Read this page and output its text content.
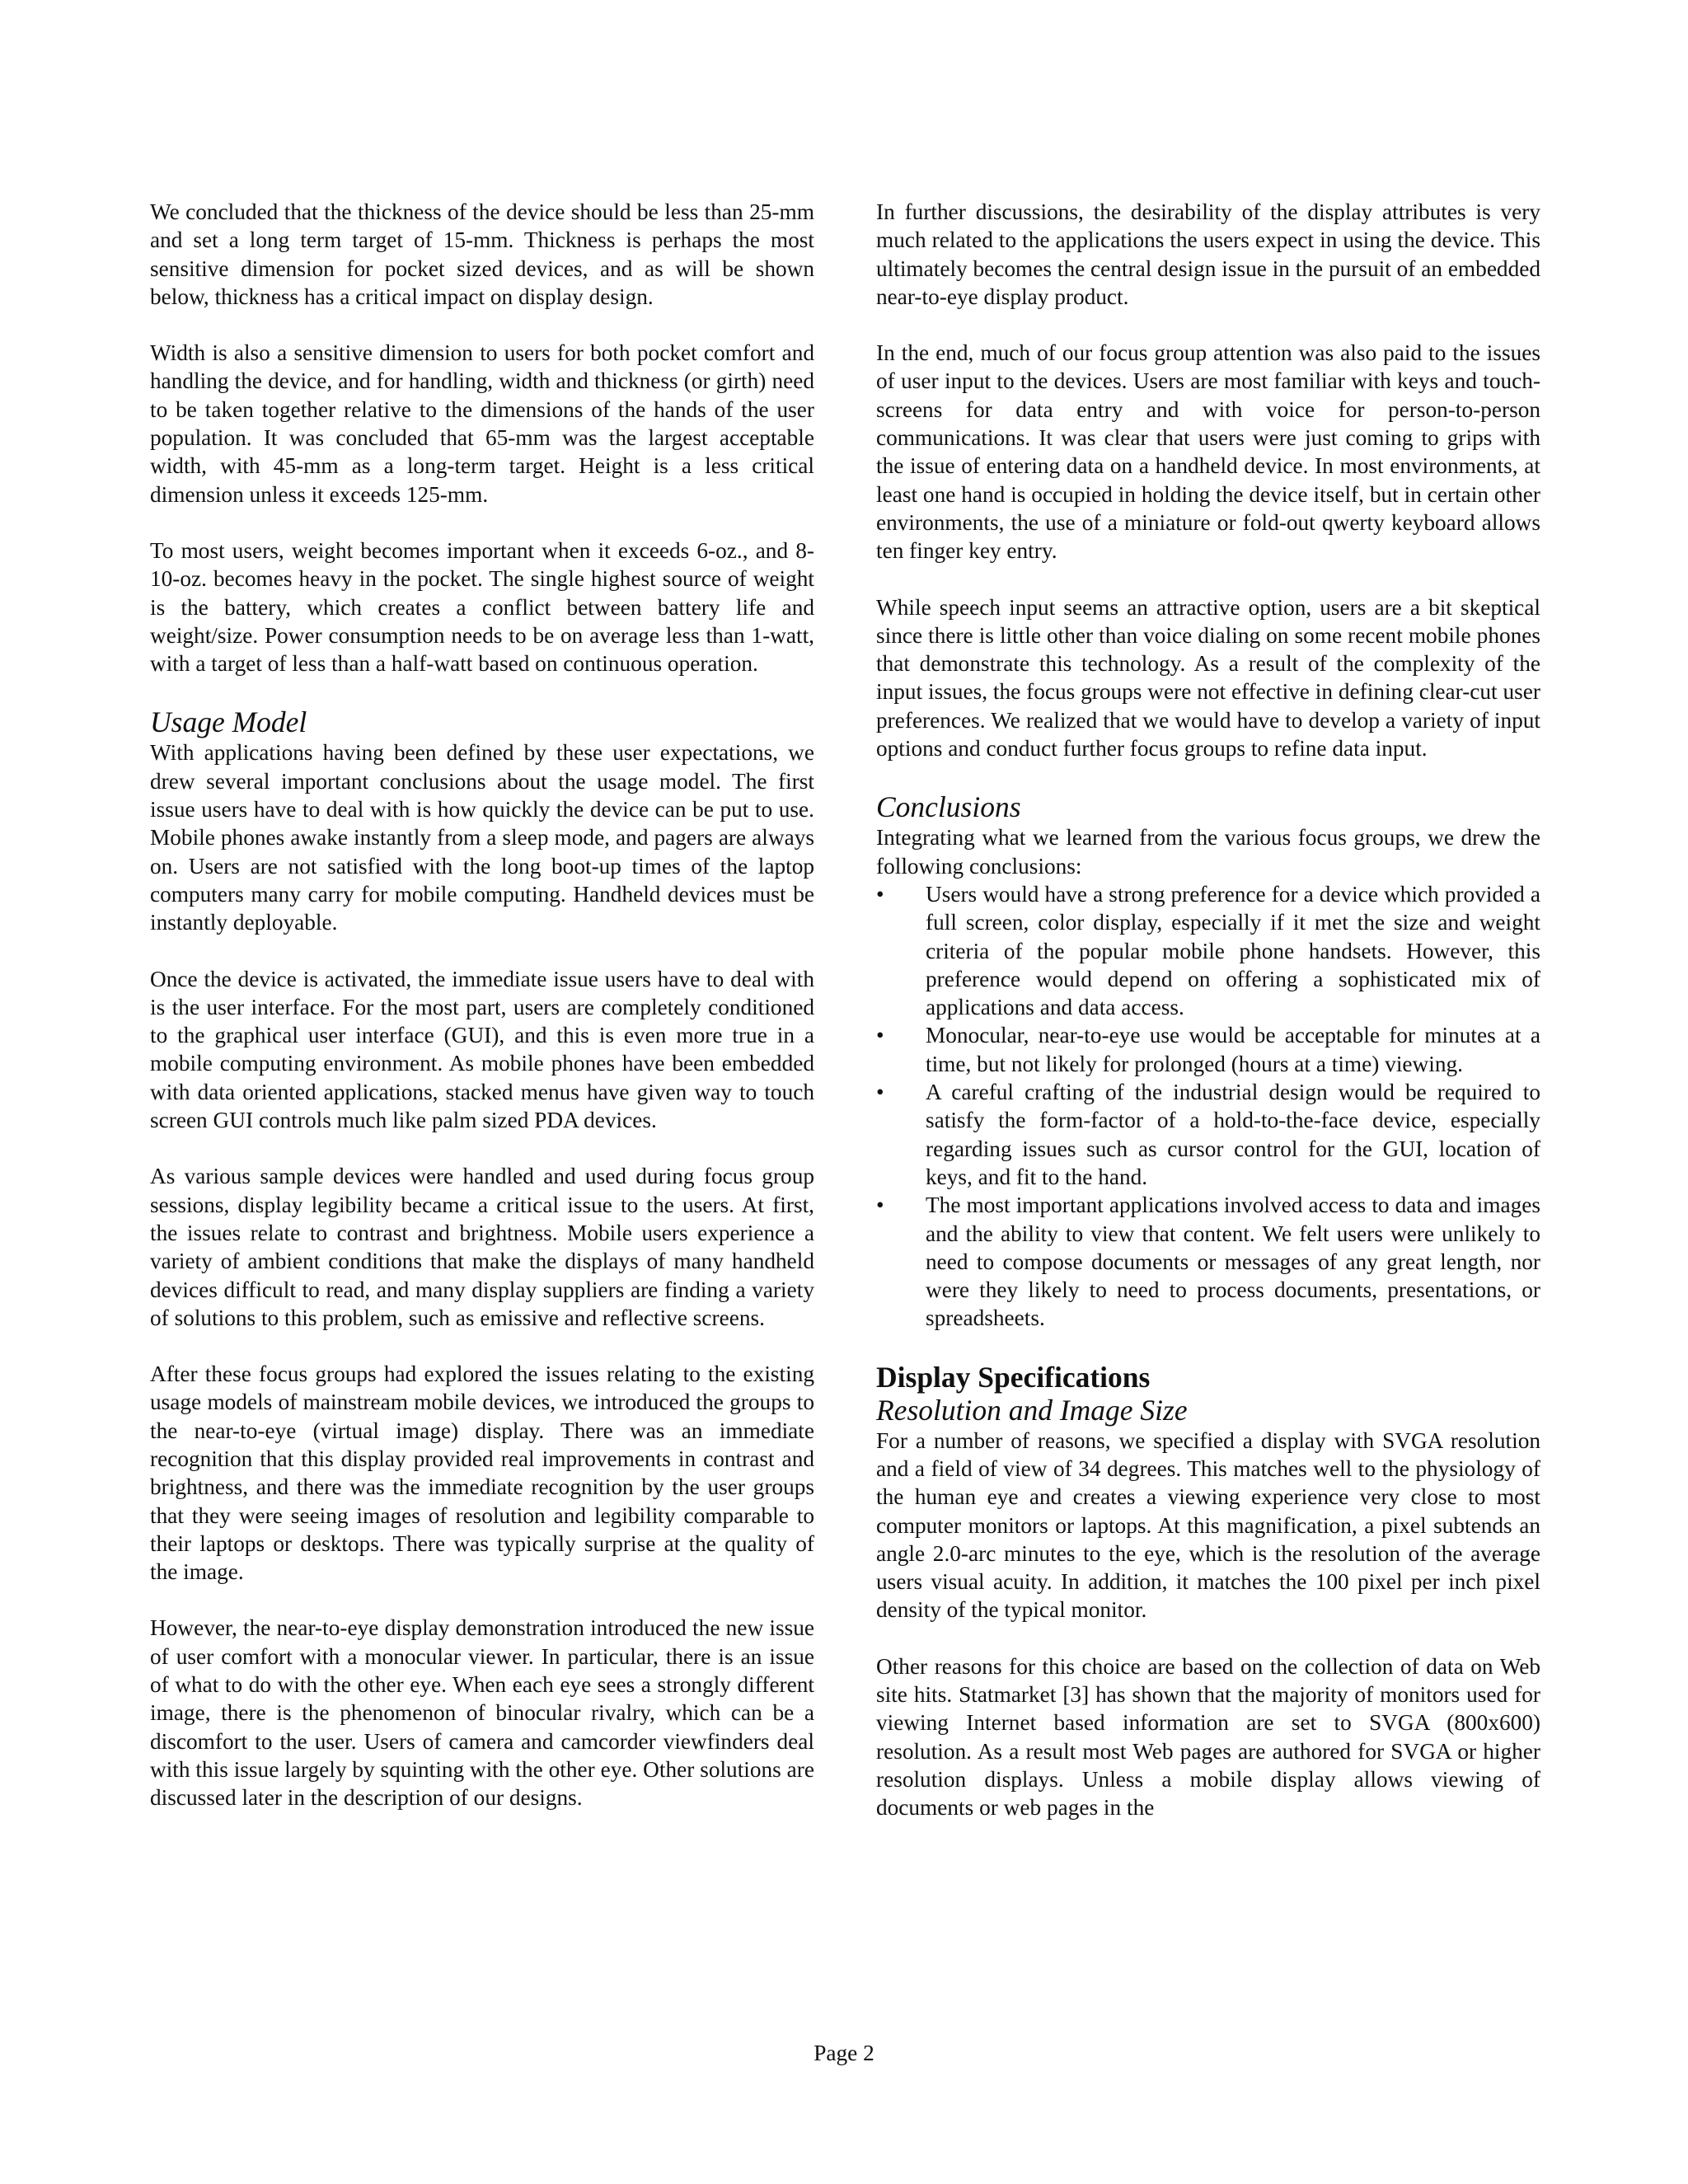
We concluded that the thickness of the device should be less than 25-mm and set a long term target of 15-mm. Thickness is perhaps the most sensitive dimension for pocket sized devices, and as will be shown below, thickness has a critical impact on display design.

Width is also a sensitive dimension to users for both pocket comfort and handling the device, and for handling, width and thickness (or girth) need to be taken together relative to the dimensions of the hands of the user population. It was concluded that 65-mm was the largest acceptable width, with 45-mm as a long-term target. Height is a less critical dimension unless it exceeds 125-mm.

To most users, weight becomes important when it exceeds 6-oz., and 8-10-oz. becomes heavy in the pocket. The single highest source of weight is the battery, which creates a conflict between battery life and weight/size. Power consumption needs to be on average less than 1-watt, with a target of less than a half-watt based on continuous operation.

Usage Model

With applications having been defined by these user expectations, we drew several important conclusions about the usage model. The first issue users have to deal with is how quickly the device can be put to use. Mobile phones awake instantly from a sleep mode, and pagers are always on. Users are not satisfied with the long boot-up times of the laptop computers many carry for mobile computing. Handheld devices must be instantly deployable.

Once the device is activated, the immediate issue users have to deal with is the user interface. For the most part, users are completely conditioned to the graphical user interface (GUI), and this is even more true in a mobile computing environment. As mobile phones have been embedded with data oriented applications, stacked menus have given way to touch screen GUI controls much like palm sized PDA devices.

As various sample devices were handled and used during focus group sessions, display legibility became a critical issue to the users. At first, the issues relate to contrast and brightness. Mobile users experience a variety of ambient conditions that make the displays of many handheld devices difficult to read, and many display suppliers are finding a variety of solutions to this problem, such as emissive and reflective screens.

After these focus groups had explored the issues relating to the existing usage models of mainstream mobile devices, we introduced the groups to the near-to-eye (virtual image) display. There was an immediate recognition that this display provided real improvements in contrast and brightness, and there was the immediate recognition by the user groups that they were seeing images of resolution and legibility comparable to their laptops or desktops. There was typically surprise at the quality of the image.

However, the near-to-eye display demonstration introduced the new issue of user comfort with a monocular viewer. In particular, there is an issue of what to do with the other eye. When each eye sees a strongly different image, there is the phenomenon of binocular rivalry, which can be a discomfort to the user. Users of camera and camcorder viewfinders deal with this issue largely by squinting with the other eye. Other solutions are discussed later in the description of our designs.

In further discussions, the desirability of the display attributes is very much related to the applications the users expect in using the device. This ultimately becomes the central design issue in the pursuit of an embedded near-to-eye display product.

In the end, much of our focus group attention was also paid to the issues of user input to the devices. Users are most familiar with keys and touch-screens for data entry and with voice for person-to-person communications. It was clear that users were just coming to grips with the issue of entering data on a handheld device. In most environments, at least one hand is occupied in holding the device itself, but in certain other environments, the use of a miniature or fold-out qwerty keyboard allows ten finger key entry.

While speech input seems an attractive option, users are a bit skeptical since there is little other than voice dialing on some recent mobile phones that demonstrate this technology. As a result of the complexity of the input issues, the focus groups were not effective in defining clear-cut user preferences. We realized that we would have to develop a variety of input options and conduct further focus groups to refine data input.

Conclusions

Integrating what we learned from the various focus groups, we drew the following conclusions:

•	Users would have a strong preference for a device which provided a full screen, color display, especially if it met the size and weight criteria of the popular mobile phone handsets. However, this preference would depend on offering a sophisticated mix of applications and data access.
•	Monocular, near-to-eye use would be acceptable for minutes at a time, but not likely for prolonged (hours at a time) viewing.
•	A careful crafting of the industrial design would be required to satisfy the form-factor of a hold-to-the-face device, especially regarding issues such as cursor control for the GUI, location of keys, and fit to the hand.
•	The most important applications involved access to data and images and the ability to view that content. We felt users were unlikely to need to compose documents or messages of any great length, nor were they likely to need to process documents, presentations, or spreadsheets.
Display Specifications
Resolution and Image Size

For a number of reasons, we specified a display with SVGA resolution and a field of view of 34 degrees. This matches well to the physiology of the human eye and creates a viewing experience very close to most computer monitors or laptops. At this magnification, a pixel subtends an angle 2.0-arc minutes to the eye, which is the resolution of the average users visual acuity. In addition, it matches the 100 pixel per inch pixel density of the typical monitor.

Other reasons for this choice are based on the collection of data on Web site hits. Statmarket [3] has shown that the majority of monitors used for viewing Internet based information are set to SVGA (800x600) resolution. As a result most Web pages are authored for SVGA or higher resolution displays. Unless a mobile display allows viewing of documents or web pages in the

Page 2
